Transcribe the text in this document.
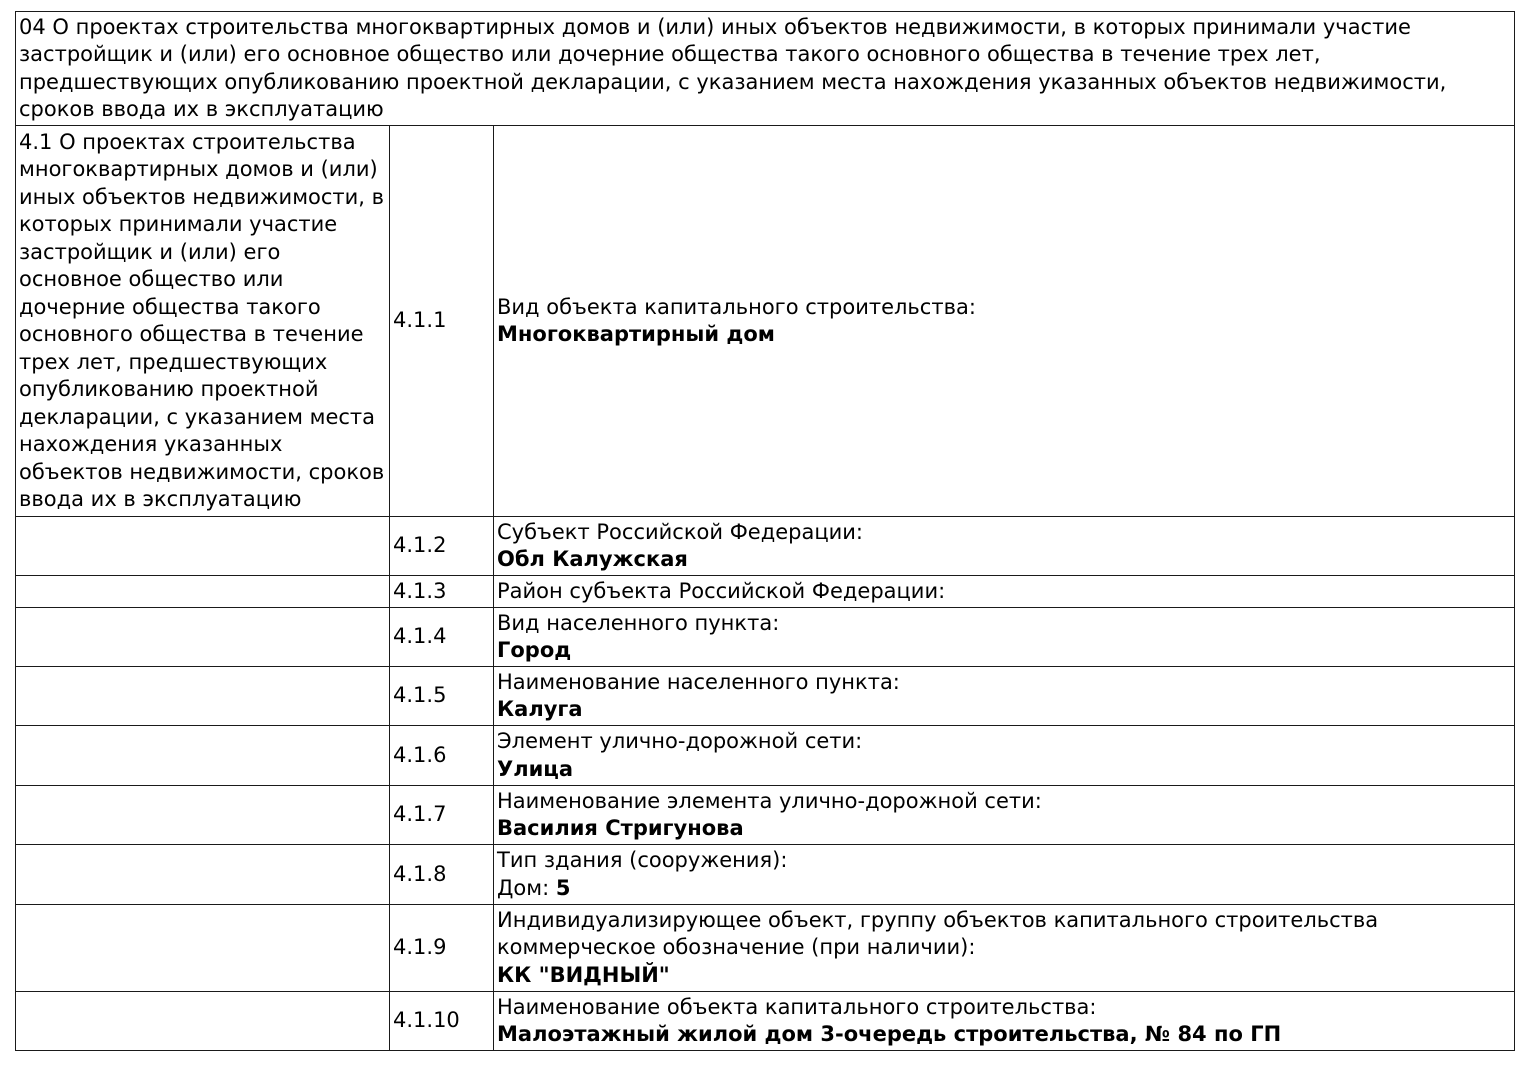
04 О проектах строительства многоквартирных домов и (или) иных объектов недвижимости, в которых принимали участие застройщик и (или) его основное общество или дочерние общества такого основного общества в течение трех лет, предшествующих опубликованию проектной декларации, с указанием места нахождения указанных объектов недвижимости, сроков ввода их в эксплуатацию		
4.1 О проектах строительства многоквартирных домов и (или) иных объектов недвижимости, в которых принимали участие застройщик и (или) его основное общество или дочерние общества такого основного общества в течение трех лет, предшествующих опубликованию проектной декларации, с указанием места нахождения указанных объектов недвижимости, сроков ввода их в эксплуатацию	4.1.1	Вид объекта капитального строительства:
Многоквартирный дом

	4.1.2	Субъект Российской Федерации:
Обл Калужская

	4.1.3	Район субъекта Российской Федерации:

	4.1.4	Вид населенного пункта:
Город

	4.1.5	Наименование населенного пункта:
Калуга

	4.1.6	Элемент улично-дорожной сети:
Улица

	4.1.7	Наименование элемента улично-дорожной сети:
Василия Стригунова

	4.1.8	Тип здания (сооружения):
Дом: 5
	4.1.9	Индивидуализирующее объект, группу объектов капитального строительства коммерческое обозначение (при наличии):
КК "ВИДНЫЙ"

	4.1.10	Наименование объекта капитального строительства:
Малоэтажный жилой дом 3-очередь строительства, № 84 по ГП
